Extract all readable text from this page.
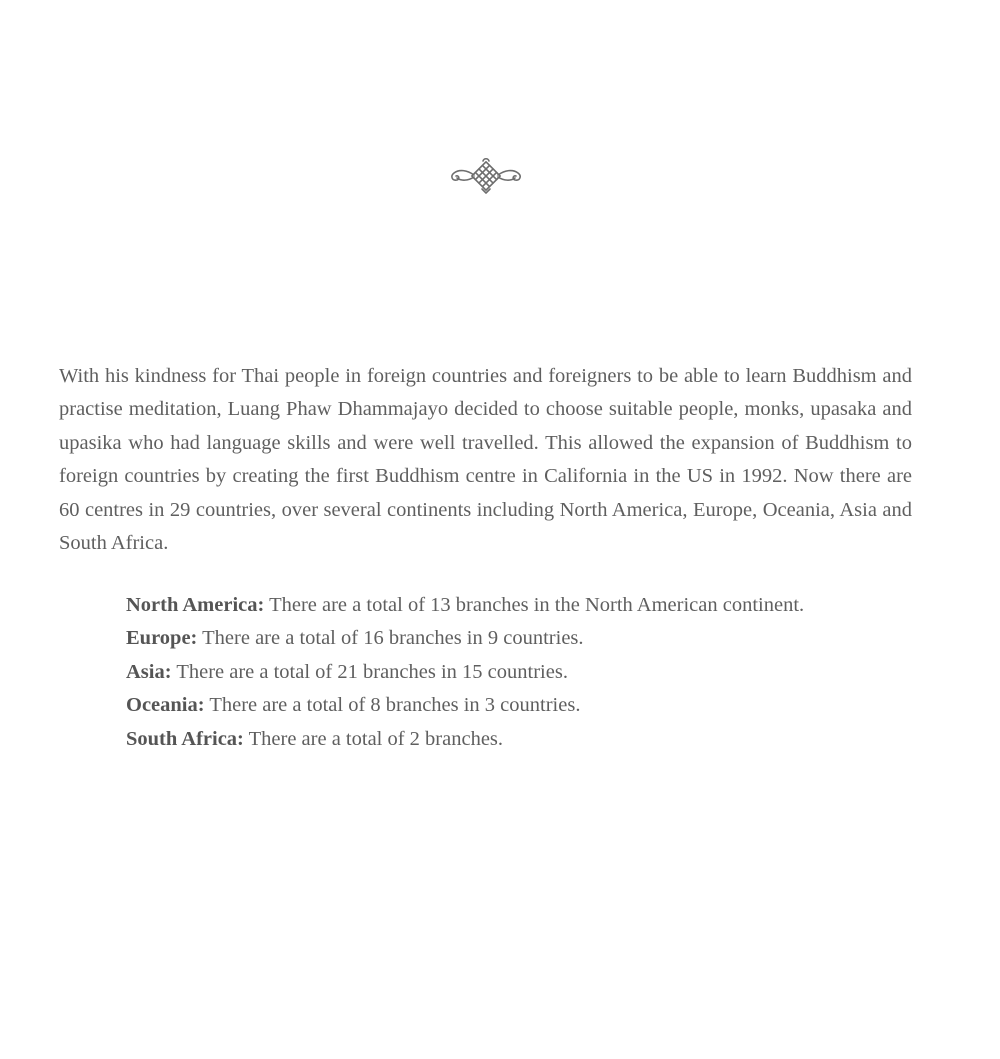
With his kindness for Thai people in foreign countries and foreigners to be able to learn Buddhism and practise meditation, Luang Phaw Dhammajayo decided to choose suitable people, monks, upasaka and upasika who had language skills and were well travelled. This allowed the expansion of Buddhism to foreign countries by creating the first Buddhism centre in California in the US in 1992. Now there are 60 centres in 29 countries, over several continents including North America, Europe, Oceania, Asia and South Africa.

North America: There are a total of 13 branches in the North American continent.
Europe: There are a total of 16 branches in 9 countries.
Asia: There are a total of 21 branches in 15 countries.
Oceania: There are a total of 8 branches in 3 countries.
South Africa: There are a total of 2 branches.
